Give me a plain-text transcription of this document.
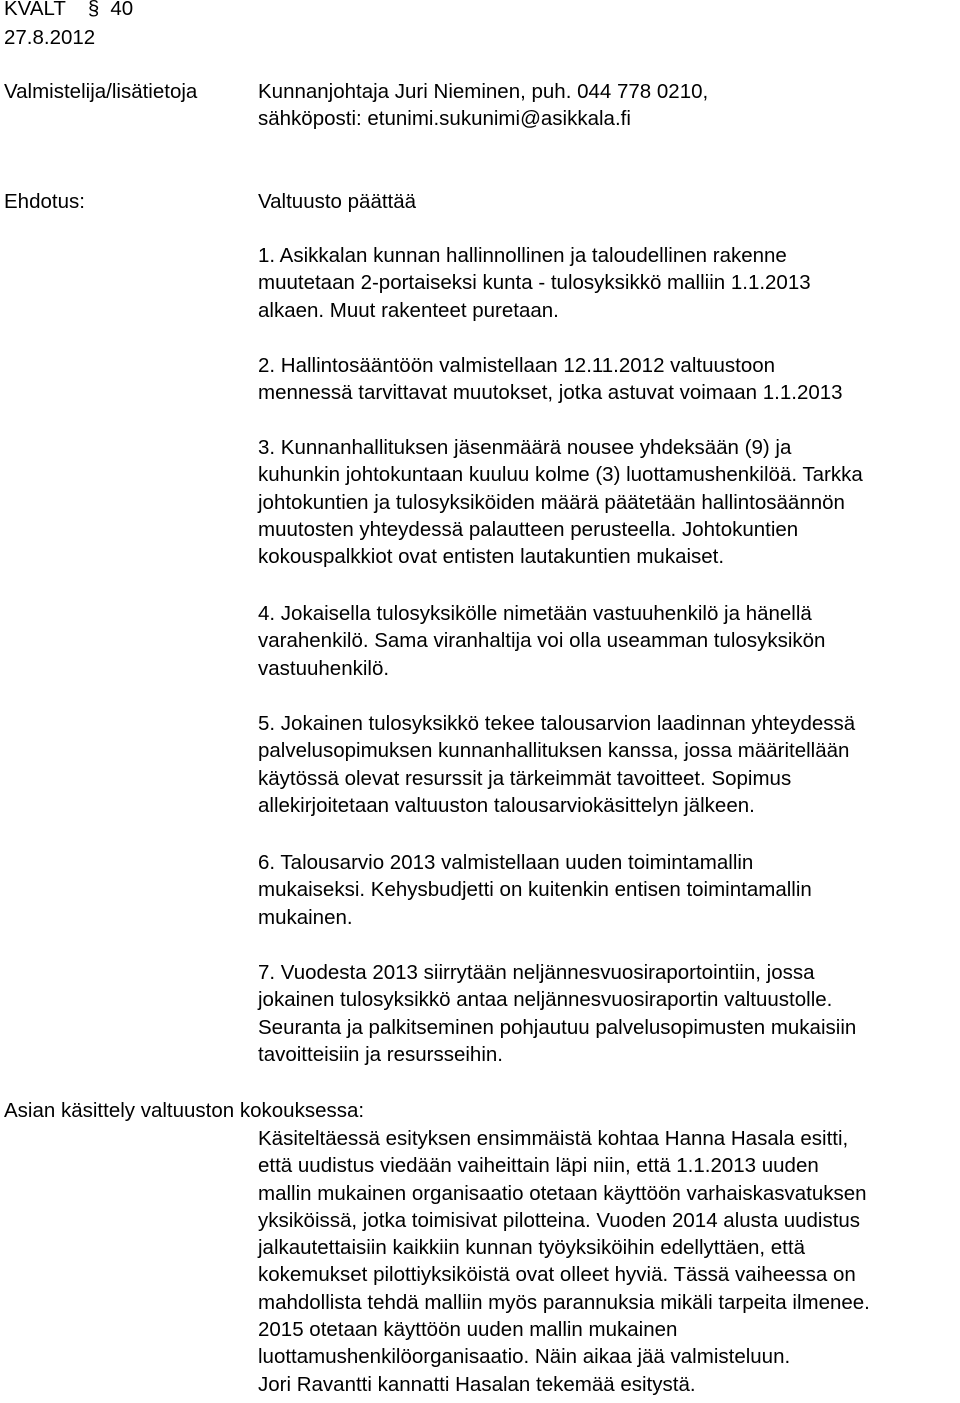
KVALT § 40
27.8.2012
Valmistelija/lisätietoja	Kunnanjohtaja Juri Nieminen, puh. 044 778 0210,
sähköposti: etunimi.sukunimi@asikkala.fi
Ehdotus:	Valtuusto päättää
1. Asikkalan kunnan hallinnollinen ja taloudellinen rakenne
muutetaan 2-portaiseksi kunta - tulosyksikkö malliin 1.1.2013
alkaen. Muut rakenteet puretaan.
2. Hallintosääntöön valmistellaan 12.11.2012 valtuustoon
mennessä tarvittavat muutokset, jotka astuvat voimaan 1.1.2013
3. Kunnanhallituksen jäsenmäärä nousee yhdeksään (9) ja
kuhunkin johtokuntaan kuuluu kolme (3) luottamushenkilöä. Tarkka
johtokuntien ja tulosyksiköiden määrä päätetään hallintosäännön
muutosten yhteydessä palautteen perusteella. Johtokuntien
kokouspalkkiot ovat entisten lautakuntien mukaiset.
4. Jokaisella tulosyksikölle nimetään vastuuhenkilö ja hänellä
varahenkilö. Sama viranhaltija voi olla useamman tulosyksikön
vastuuhenkilö.
5. Jokainen tulosyksikkö tekee talousarvion laadinnan yhteydessä
palvelusopimuksen kunnanhallituksen kanssa, jossa määritellään
käytössä olevat resurssit ja tärkeimmät tavoitteet. Sopimus
allekirjoitetaan valtuuston talousarviokäsittelyn jälkeen.
6. Talousarvio 2013 valmistellaan uuden toimintamallin
mukaiseksi. Kehysbudjetti on kuitenkin entisen toimintamallin
mukainen.
7. Vuodesta 2013 siirrytään neljännesvuosiraportointiin, jossa
jokainen tulosyksikkö antaa neljännesvuosiraportin valtuustolle.
Seuranta ja palkitseminen pohjautuu palvelusopimusten mukaisiin
tavoitteisiin ja resursseihin.
Asian käsittely valtuuston kokouksessa:
Käsiteltäessä esityksen ensimmäistä kohtaa Hanna Hasala esitti,
että uudistus viedään vaiheittain läpi niin, että 1.1.2013 uuden
mallin mukainen organisaatio otetaan käyttöön varhaiskasvatuksen
yksiköissä, jotka toimisivat pilotteina. Vuoden 2014 alusta uudistus
jalkautettaisiin kaikkiin kunnan työyksiköihin edellyttäen, että
kokemukset pilottiyksiköistä ovat olleet hyviä. Tässä vaiheessa on
mahdollista tehdä malliin myös parannuksia mikäli tarpeita ilmenee.
2015 otetaan käyttöön uuden mallin mukainen
luottamushenkilöorganisaatio. Näin aikaa jää valmisteluun.
Jori Ravantti kannatti Hasalan tekemää esitystä.
